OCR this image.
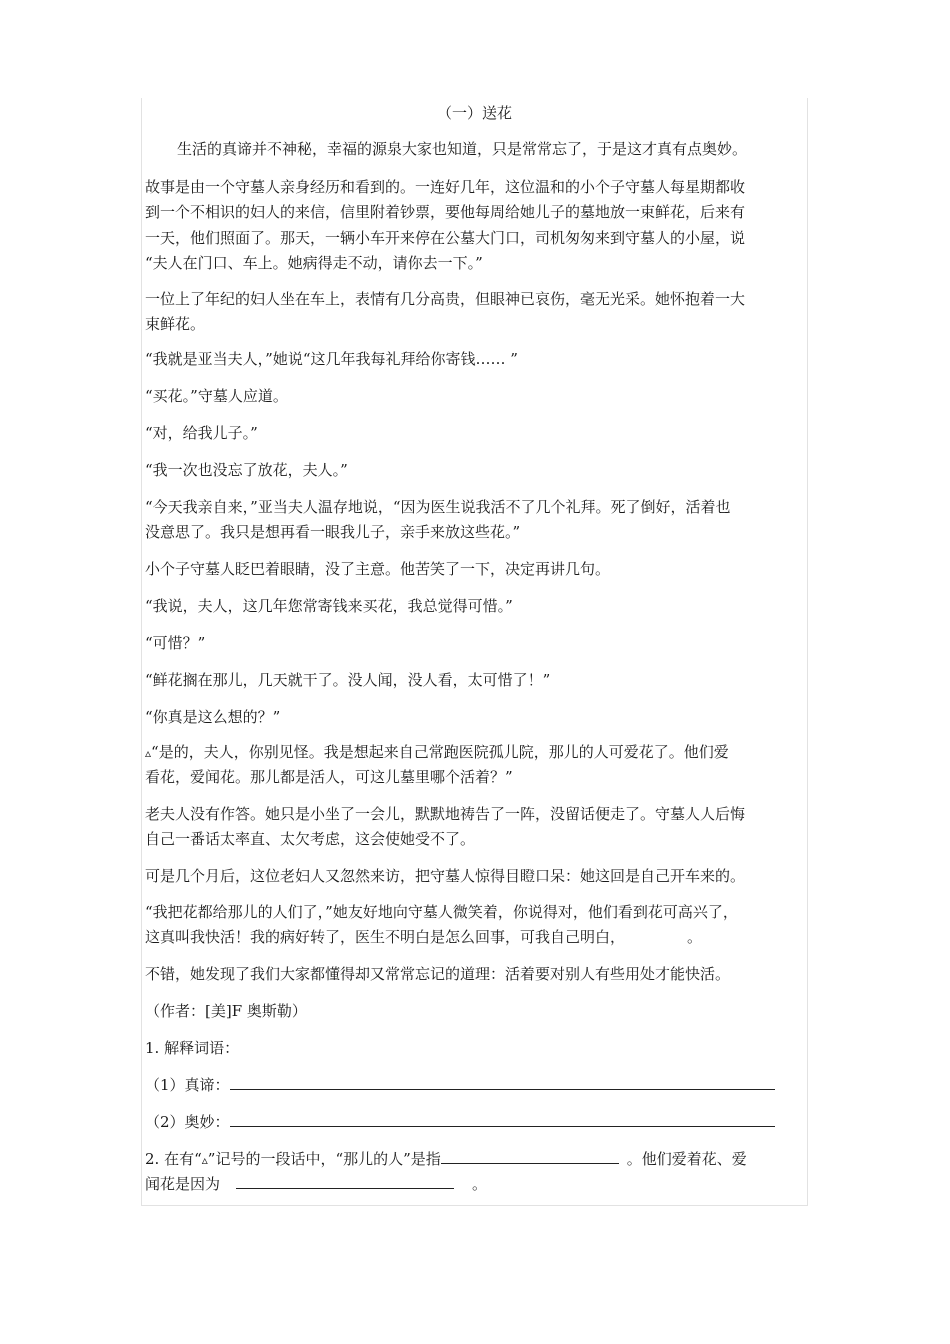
（一）送花
生活的真谛并不神秘，幸福的源泉大家也知道，只是常常忘了，于是这才真有点奥妙。
故事是由一个守墓人亲身经历和看到的。一连好几年，这位温和的小个子守墓人每星期都收
到一个不相识的妇人的来信，信里附着钞票，要他每周给她儿子的墓地放一束鲜花，后来有
一天，他们照面了。那天，一辆小车开来停在公墓大门口，司机匆匆来到守墓人的小屋，说
“夫人在门口、车上。她病得走不动，请你去一下。”
一位上了年纪的妇人坐在车上，表情有几分高贵，但眼神已哀伤，毫无光采。她怀抱着一大
束鲜花。
“我就是亚当夫人，”她说“这几年我每礼拜给你寄钱…… ”
“买花。”守墓人应道。
“对，给我儿子。”
“我一次也没忘了放花，夫人。”
“今天我亲自来，”亚当夫人温存地说，“因为医生说我活不了几个礼拜。死了倒好，活着也
没意思了。我只是想再看一眼我儿子，亲手来放这些花。”
小个子守墓人眨巴着眼睛，没了主意。他苦笑了一下，决定再讲几句。
“我说，夫人，这几年您常寄钱来买花，我总觉得可惜。”
“可惜？”
“鲜花搁在那儿，几天就干了。没人闻，没人看，太可惜了！”
“你真是这么想的？”
▵“是的，夫人，你别见怪。我是想起来自己常跑医院孤儿院，那儿的人可爱花了。他们爱
看花，爱闻花。那儿都是活人，可这儿墓里哪个活着？”
老夫人没有作答。她只是小坐了一会儿，默默地祷告了一阵，没留话便走了。守墓人人后悔
自己一番话太率直、太欠考虑，这会使她受不了。
可是几个月后，这位老妇人又忽然来访，把守墓人惊得目瞪口呆：她这回是自己开车来的。
“我把花都给那儿的人们了，”她友好地向守墓人微笑着，你说得对，他们看到花可高兴了，
这真叫我快活！我的病好转了，医生不明白是怎么回事，可我自己明白，	。
不错，她发现了我们大家都懂得却又常常忘记的道理：活着要对别人有些用处才能快活。
（作者：[美]F 奥斯勒）
1. 解释词语：
（1）真谛：
（2）奥妙：
2. 在有“▵”记号的一段话中，“那儿的人”是指	。他们爱着花、爱
闻花是因为	。
